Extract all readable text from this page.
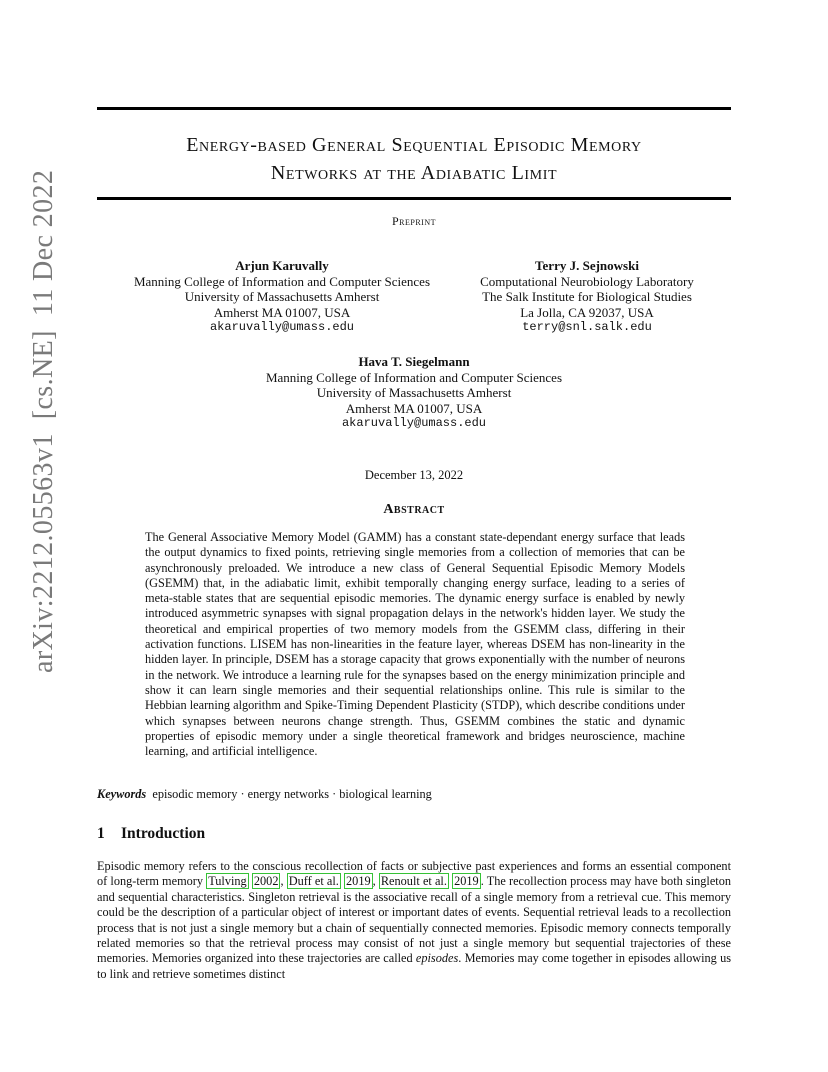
arXiv:2212.05563v1[cs.NE]11 Dec 2022
Energy-based General Sequential Episodic Memory
Networks at the Adiabatic Limit
Preprint
Arjun Karuvally
Manning College of Information and Computer Sciences
University of Massachusetts Amherst
Amherst MA 01007, USA
akaruvally@umass.edu
Terry J. Sejnowski
Computational Neurobiology Laboratory
The Salk Institute for Biological Studies
La Jolla, CA 92037, USA
terry@snl.salk.edu
Hava T. Siegelmann
Manning College of Information and Computer Sciences
University of Massachusetts Amherst
Amherst MA 01007, USA
akaruvally@umass.edu
December 13, 2022
Abstract
The General Associative Memory Model (GAMM) has a constant state-dependant energy surface that leads the output dynamics to fixed points, retrieving single memories from a collection of memories that can be asynchronously preloaded. We introduce a new class of General Sequential Episodic Memory Models (GSEMM) that, in the adiabatic limit, exhibit temporally changing energy surface, leading to a series of meta-stable states that are sequential episodic memories. The dynamic energy surface is enabled by newly introduced asymmetric synapses with signal propagation delays in the network's hidden layer. We study the theoretical and empirical properties of two memory models from the GSEMM class, differing in their activation functions. LISEM has non-linearities in the feature layer, whereas DSEM has non-linearity in the hidden layer. In principle, DSEM has a storage capacity that grows exponentially with the number of neurons in the network. We introduce a learning rule for the synapses based on the energy minimization principle and show it can learn single memories and their sequential relationships online. This rule is similar to the Hebbian learning algorithm and Spike-Timing Dependent Plasticity (STDP), which describe conditions under which synapses between neurons change strength. Thus, GSEMM combines the static and dynamic properties of episodic memory under a single theoretical framework and bridges neuroscience, machine learning, and artificial intelligence.
Keywords episodic memory · energy networks · biological learning
1 Introduction
Episodic memory refers to the conscious recollection of facts or subjective past experiences and forms an essential component of long-term memory Tulving 2002 , Duff et al. 2019 , Renoult et al. 2019 . The recollection process may have both singleton and sequential characteristics. Singleton retrieval is the associative recall of a single memory from a retrieval cue. This memory could be the description of a particular object of interest or important dates of events. Sequential retrieval leads to a recollection process that is not just a single memory but a chain of sequentially connected memories. Episodic memory connects temporally related memories so that the retrieval process may consist of not just a single memory but sequential trajectories of these memories. Memories organized into these trajectories are called episodes. Memories may come together in episodes allowing us to link and retrieve sometimes distinct
